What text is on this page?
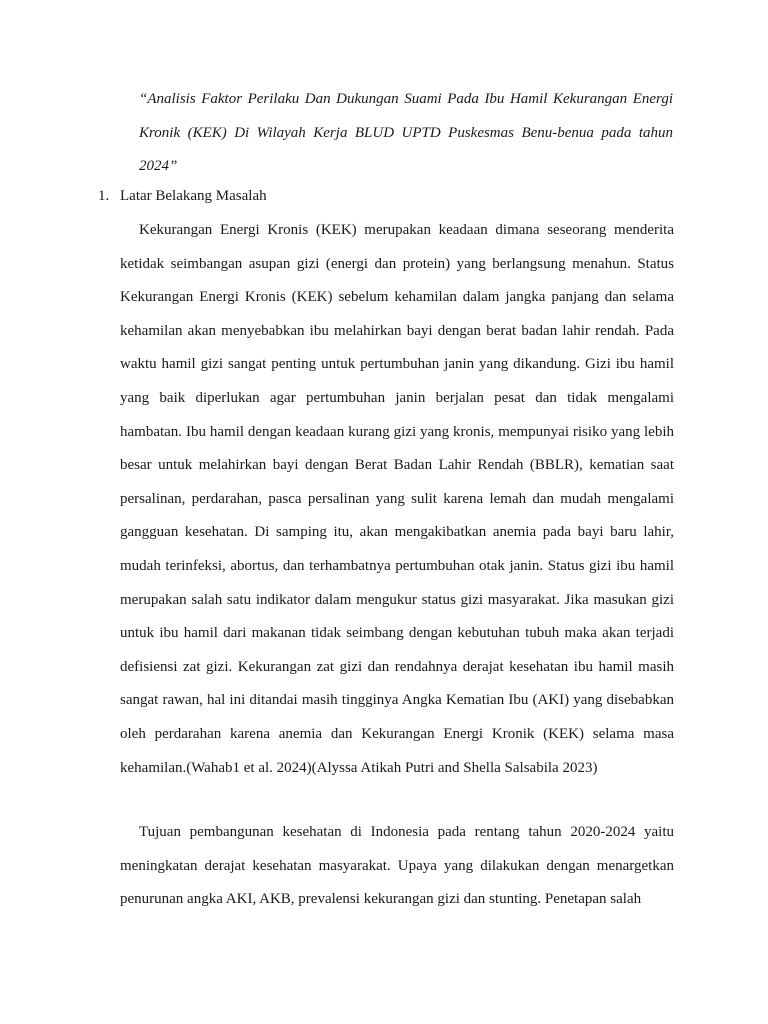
“Analisis Faktor Perilaku Dan Dukungan Suami Pada Ibu Hamil Kekurangan Energi Kronik (KEK) Di Wilayah Kerja BLUD UPTD Puskesmas Benu-benua pada tahun 2024”

1. Latar Belakang Masalah

Kekurangan Energi Kronis (KEK) merupakan keadaan dimana seseorang menderita ketidak seimbangan asupan gizi (energi dan protein) yang berlangsung menahun. Status Kekurangan Energi Kronis (KEK) sebelum kehamilan dalam jangka panjang dan selama kehamilan akan menyebabkan ibu melahirkan bayi dengan berat badan lahir rendah. Pada waktu hamil gizi sangat penting untuk pertumbuhan janin yang dikandung. Gizi ibu hamil yang baik diperlukan agar pertumbuhan janin berjalan pesat dan tidak mengalami hambatan. Ibu hamil dengan keadaan kurang gizi yang kronis, mempunyai risiko yang lebih besar untuk melahirkan bayi dengan Berat Badan Lahir Rendah (BBLR), kematian saat persalinan, perdarahan, pasca persalinan yang sulit karena lemah dan mudah mengalami gangguan kesehatan. Di samping itu, akan mengakibatkan anemia pada bayi baru lahir, mudah terinfeksi, abortus, dan terhambatnya pertumbuhan otak janin. Status gizi ibu hamil merupakan salah satu indikator dalam mengukur status gizi masyarakat. Jika masukan gizi untuk ibu hamil dari makanan tidak seimbang dengan kebutuhan tubuh maka akan terjadi defisiensi zat gizi. Kekurangan zat gizi dan rendahnya derajat kesehatan ibu hamil masih sangat rawan, hal ini ditandai masih tingginya Angka Kematian Ibu (AKI) yang disebabkan oleh perdarahan karena anemia dan Kekurangan Energi Kronik (KEK) selama masa kehamilan.(Wahab1 et al. 2024)(Alyssa Atikah Putri and Shella Salsabila 2023)

Tujuan pembangunan kesehatan di Indonesia pada rentang tahun 2020-2024 yaitu meningkatan derajat kesehatan masyarakat. Upaya yang dilakukan dengan menargetkan penurunan angka AKI, AKB, prevalensi kekurangan gizi dan stunting. Penetapan salah
